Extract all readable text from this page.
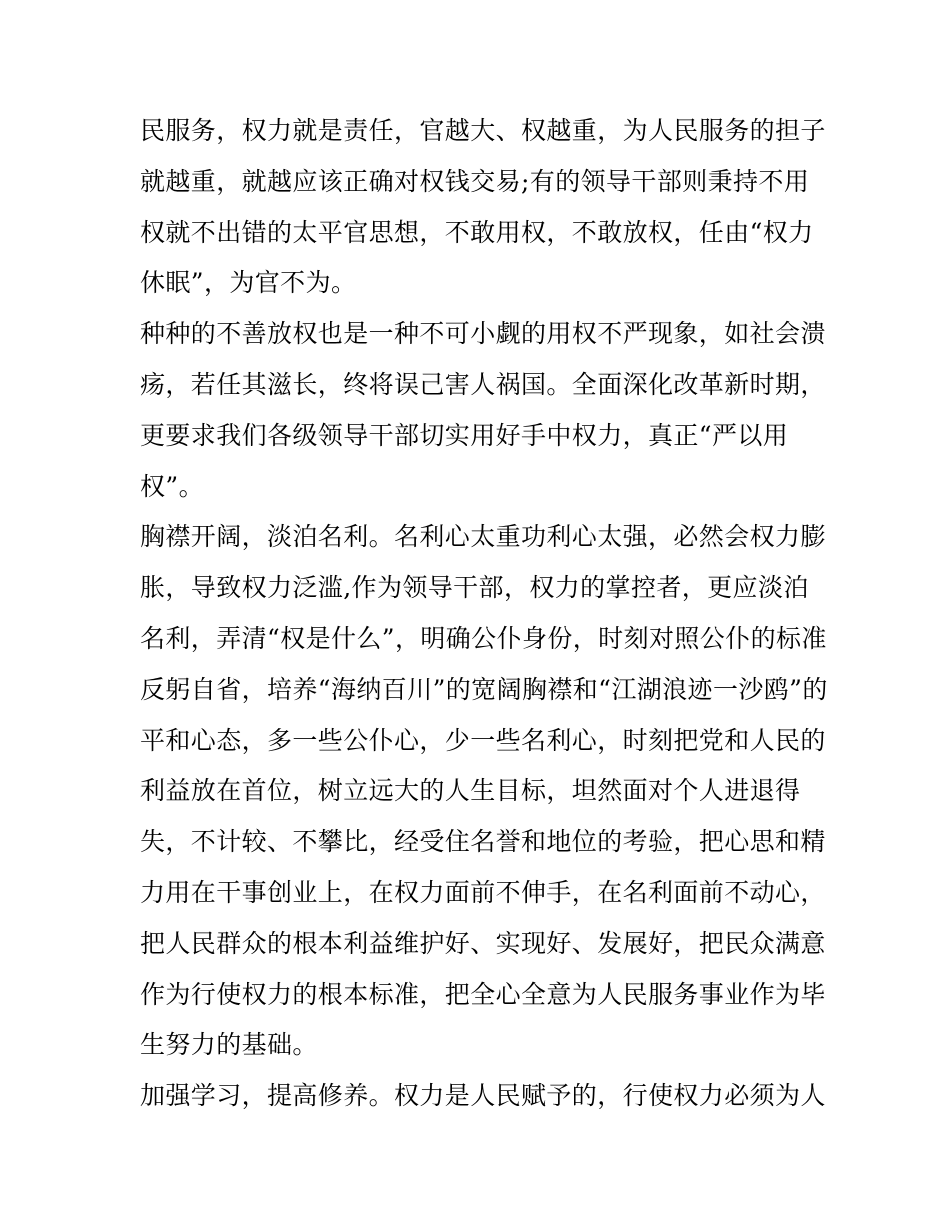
民服务，权力就是责任，官越大、权越重，为人民服务的担子
就越重，就越应该正确对权钱交易;有的领导干部则秉持不用
权就不出错的太平官思想，不敢用权，不敢放权，任由“权力
休眠”，为官不为。

种种的不善放权也是一种不可小觑的用权不严现象，如社会溃
疡，若任其滋长，终将误己害人祸国。全面深化改革新时期，
更要求我们各级领导干部切实用好手中权力，真正“严以用
权”。

胸襟开阔，淡泊名利。名利心太重功利心太强，必然会权力膨
胀，导致权力泛滥,作为领导干部，权力的掌控者，更应淡泊
名利，弄清“权是什么”，明确公仆身份，时刻对照公仆的标准
反躬自省，培养“海纳百川”的宽阔胸襟和“江湖浪迹一沙鸥”的
平和心态，多一些公仆心，少一些名利心，时刻把党和人民的
利益放在首位，树立远大的人生目标，坦然面对个人进退得
失，不计较、不攀比，经受住名誉和地位的考验，把心思和精
力用在干事创业上，在权力面前不伸手，在名利面前不动心，
把人民群众的根本利益维护好、实现好、发展好，把民众满意
作为行使权力的根本标准，把全心全意为人民服务事业作为毕
生努力的基础。

加强学习，提高修养。权力是人民赋予的，行使权力必须为人
